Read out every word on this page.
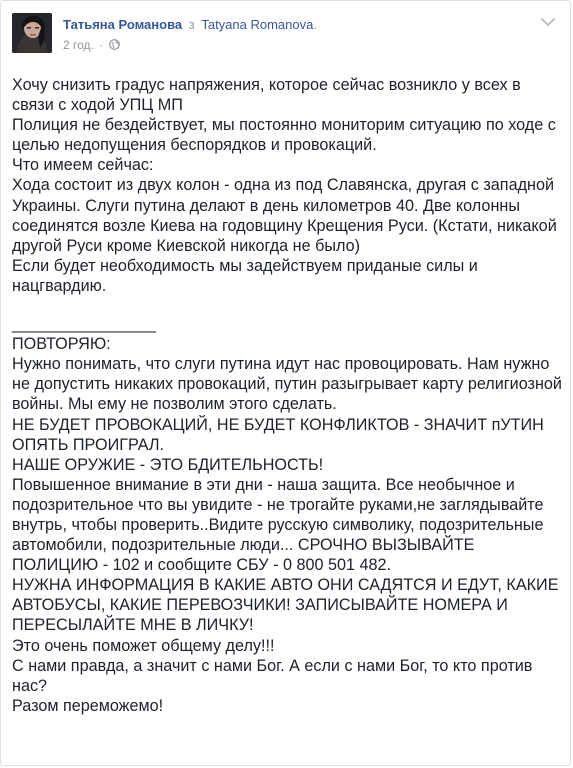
Татьяна Романова з Tatyana Romanova.
2 год. ·

Хочу снизить градус напряжения, которое сейчас возникло у всех в связи с ходой УПЦ МП

Полиция не бездействует, мы постоянно мониторим ситуацию по ходе с целью недопущения беспорядков и провокаций.

Что имеем сейчас:

Хода состоит из двух колон - одна из под Славянска, другая с западной Украины. Слуги путина делают в день километров 40. Две колонны соединятся возле Киева на годовщину Крещения Руси. (Кстати, никакой другой Руси кроме Киевской никогда не было)

Если будет необходимость мы задействуем приданые силы и нацгвардию.

________________

ПОВТОРЯЮ:

Нужно понимать, что слуги путина идут нас провоцировать. Нам нужно не допустить никаких провокаций, путин разыгрывает карту религиозной войны. Мы ему не позволим этого сделать.

НЕ БУДЕТ ПРОВОКАЦИЙ, НЕ БУДЕТ КОНФЛИКТОВ - ЗНАЧИТ пУТИН ОПЯТЬ ПРОИГРАЛ.

НАШЕ ОРУЖИЕ - ЭТО БДИТЕЛЬНОСТЬ!

Повышенное внимание в эти дни - наша защита. Все необычное и подозрительное что вы увидите - не трогайте руками,не заглядывайте внутрь, чтобы проверить..Видите русскую символику, подозрительные автомобили, подозрительные люди... СРОЧНО ВЫЗЫВАЙТЕ ПОЛИЦИЮ - 102 и сообщите СБУ - 0 800 501 482.

НУЖНА ИНФОРМАЦИЯ В КАКИЕ АВТО ОНИ САДЯТСЯ И ЕДУТ, КАКИЕ АВТОБУСЫ, КАКИЕ ПЕРЕВОЗЧИКИ! ЗАПИСЫВАЙТЕ НОМЕРА И ПЕРЕСЫЛАЙТЕ МНЕ В ЛИЧКУ!

Это очень поможет общему делу!!!

С нами правда, а значит с нами Бог. А если с нами Бог, то кто против нас?

Разом переможемо!
